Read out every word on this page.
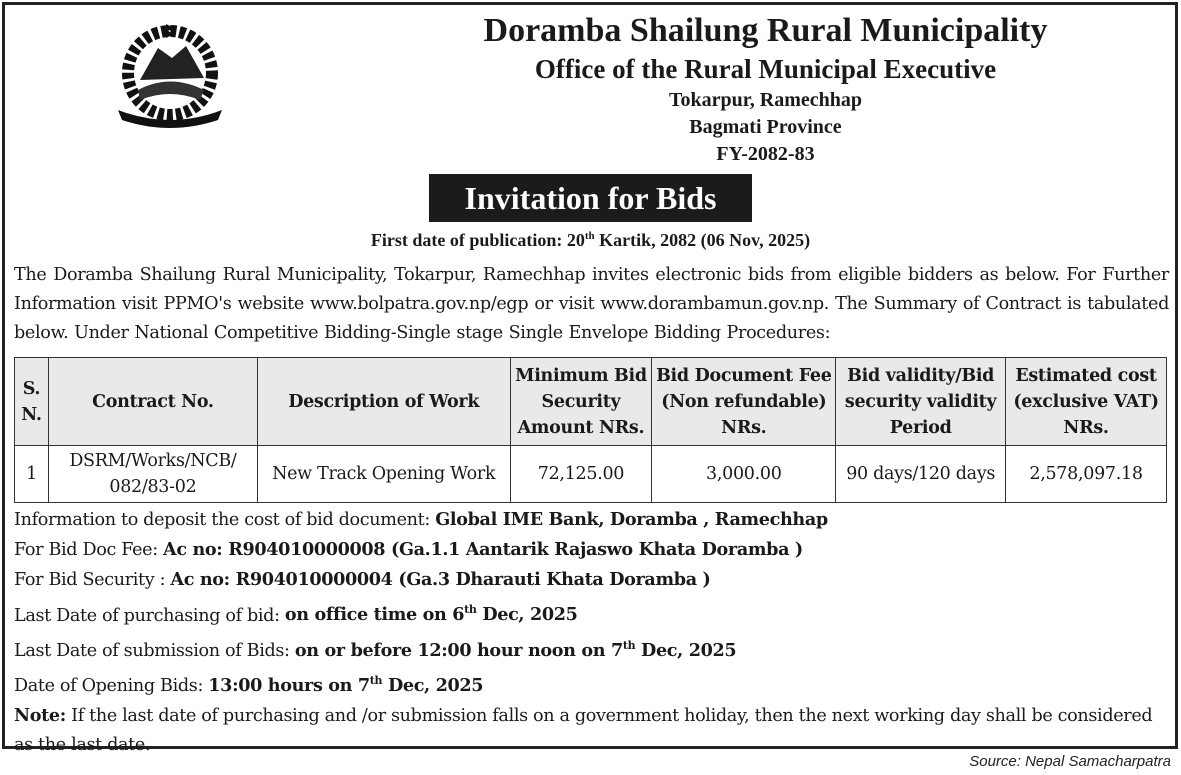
Doramba Shailung Rural Municipality
Office of the Rural Municipal Executive
Tokarpur, Ramechhap
Bagmati Province
FY-2082-83
Invitation for Bids
First date of publication: 20th Kartik, 2082 (06 Nov, 2025)
The Doramba Shailung Rural Municipality, Tokarpur, Ramechhap invites electronic bids from eligible bidders as below. For Further Information visit PPMO's website www.bolpatra.gov.np/egp or visit www.dorambamun.gov.np. The Summary of Contract is tabulated below. Under National Competitive Bidding-Single stage Single Envelope Bidding Procedures:
S. N.	Contract No.	Description of Work	Minimum Bid Security Amount NRs.	Bid Document Fee (Non refundable) NRs.	Bid validity/Bid security validity Period	Estimated cost (exclusive VAT) NRs.
1	DSRM/Works/NCB/ 082/83-02	New Track Opening Work	72,125.00	3,000.00	90 days/120 days	2,578,097.18
Information to deposit the cost of bid document: Global IME Bank, Doramba , Ramechhap
For Bid Doc Fee: Ac no: R904010000008 (Ga.1.1 Aantarik Rajaswo Khata Doramba )
For Bid Security : Ac no: R904010000004 (Ga.3 Dharauti Khata Doramba )
Last Date of purchasing of bid: on office time on 6th Dec, 2025
Last Date of submission of Bids: on or before 12:00 hour noon on 7th Dec, 2025
Date of Opening Bids: 13:00 hours on 7th Dec, 2025
Note: If the last date of purchasing and /or submission falls on a government holiday, then the next working day shall be considered as the last date.
Source: Nepal Samacharpatra
